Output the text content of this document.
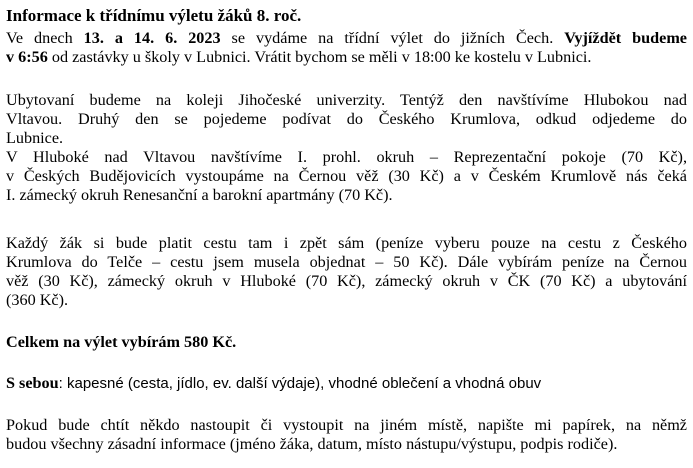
Informace k třídnímu výletu žáků 8. roč.
Ve dnech 13. a 14. 6. 2023 se vydáme na třídní výlet do jižních Čech. Vyjíždět budeme
v 6:56 od zastávky u školy v Lubnici. Vrátit bychom se měli v 18:00 ke kostelu v Lubnici.
Ubytovaní budeme na koleji Jihočeské univerzity. Tentýž den navštívíme Hlubokou nad
Vltavou. Druhý den se pojedeme podívat do Českého Krumlova, odkud odjedeme do
Lubnice.
V Hluboké nad Vltavou navštívíme I. prohl. okruh – Reprezentační pokoje (70 Kč),
v Českých Budějovicích vystoupáme na Černou věž (30 Kč) a v Českém Krumlově nás čeká
I. zámecký okruh Renesanční a barokní apartmány (70 Kč).
Každý žák si bude platit cestu tam i zpět sám (peníze vyberu pouze na cestu z Českého
Krumlova do Telče – cestu jsem musela objednat – 50 Kč). Dále vybírám peníze na Černou
věž (30 Kč), zámecký okruh v Hluboké (70 Kč), zámecký okruh v ČK (70 Kč) a ubytování
(360 Kč).
Celkem na výlet vybírám 580 Kč.
S sebou: kapesné (cesta, jídlo, ev. další výdaje), vhodné oblečení a vhodná obuv
Pokud bude chtít někdo nastoupit či vystoupit na jiném místě, napište mi papírek, na němž
budou všechny zásadní informace (jméno žáka, datum, místo nástupu/výstupu, podpis rodiče).
